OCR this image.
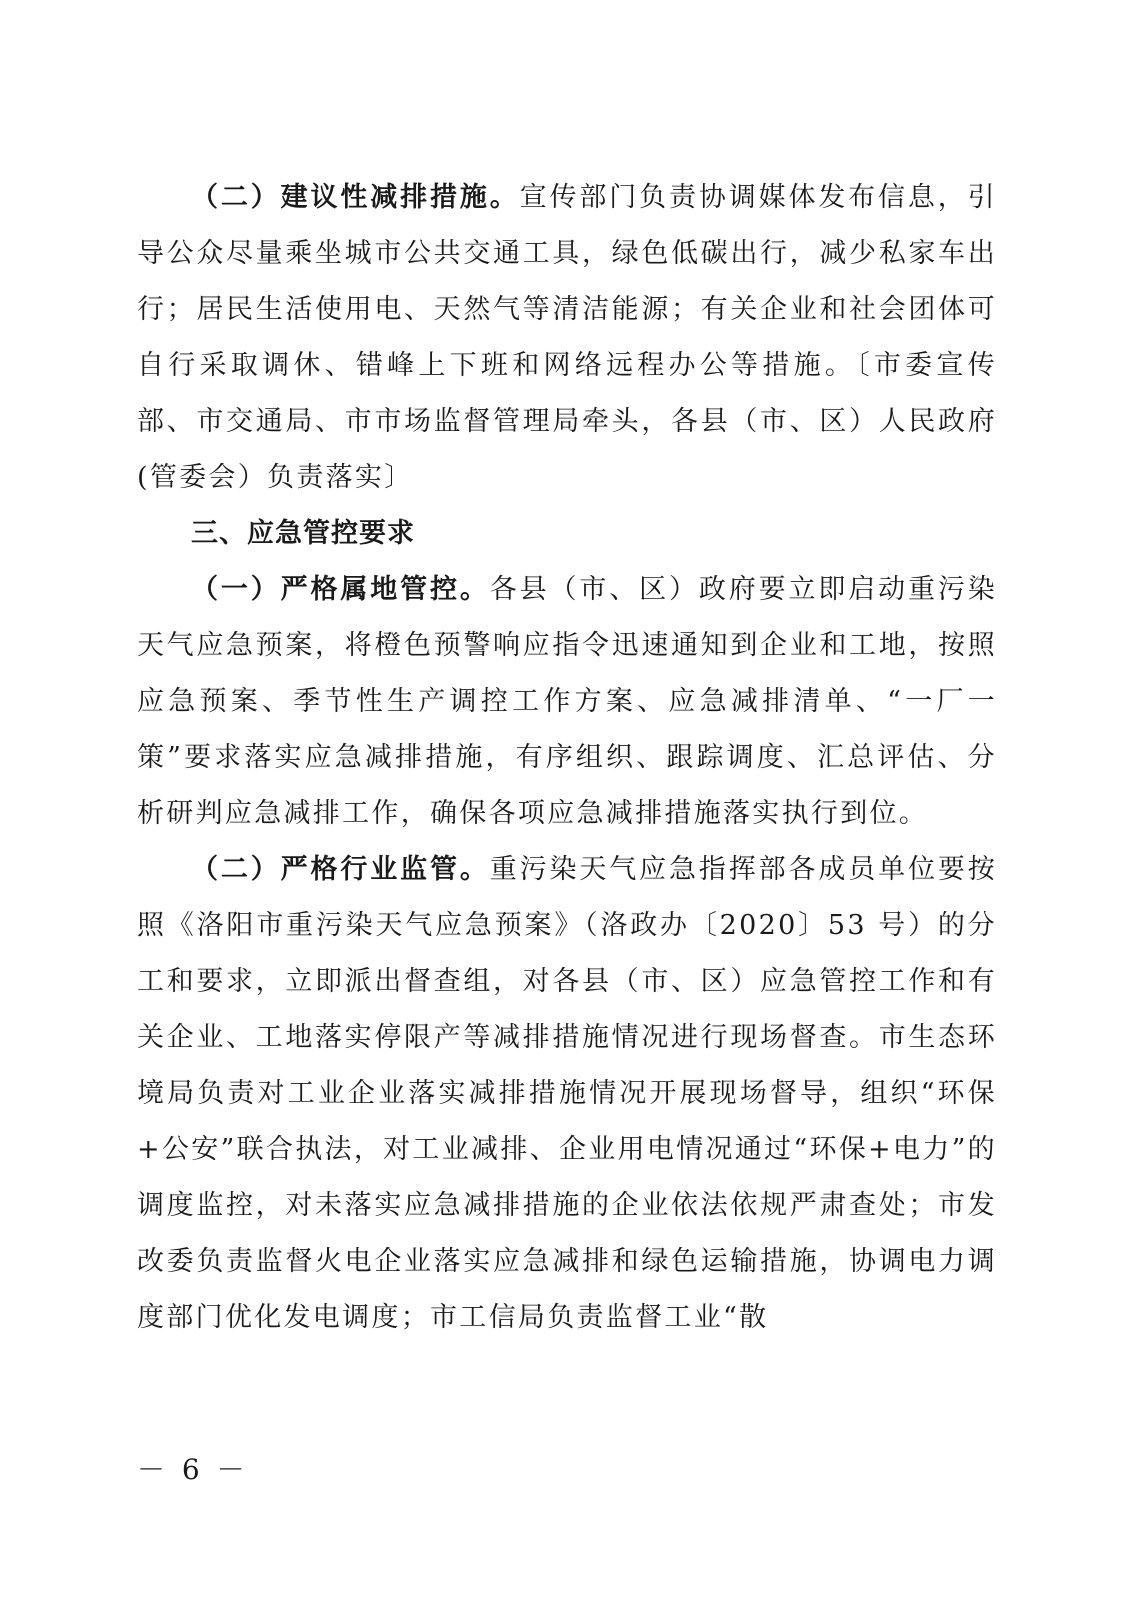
（二）建议性减排措施。宣传部门负责协调媒体发布信息，引导公众尽量乘坐城市公共交通工具，绿色低碳出行，减少私家车出行；居民生活使用电、天然气等清洁能源；有关企业和社会团体可自行采取调休、错峰上下班和网络远程办公等措施。〔市委宣传部、市交通局、市市场监督管理局牵头，各县（市、区）人民政府(管委会）负责落实〕

三、应急管控要求

（一）严格属地管控。各县（市、区）政府要立即启动重污染天气应急预案，将橙色预警响应指令迅速通知到企业和工地，按照应急预案、季节性生产调控工作方案、应急减排清单、“一厂一策”要求落实应急减排措施，有序组织、跟踪调度、汇总评估、分析研判应急减排工作，确保各项应急减排措施落实执行到位。

（二）严格行业监管。重污染天气应急指挥部各成员单位要按照《洛阳市重污染天气应急预案》（洛政办〔2020〕53 号）的分工和要求，立即派出督查组，对各县（市、区）应急管控工作和有关企业、工地落实停限产等减排措施情况进行现场督查。市生态环境局负责对工业企业落实减排措施情况开展现场督导，组织“环保+公安”联合执法，对工业减排、企业用电情况通过“环保+电力”的调度监控，对未落实应急减排措施的企业依法依规严肃查处；市发改委负责监督火电企业落实应急减排和绿色运输措施，协调电力调度部门优化发电调度；市工信局负责监督工业“散

－ 6 －
